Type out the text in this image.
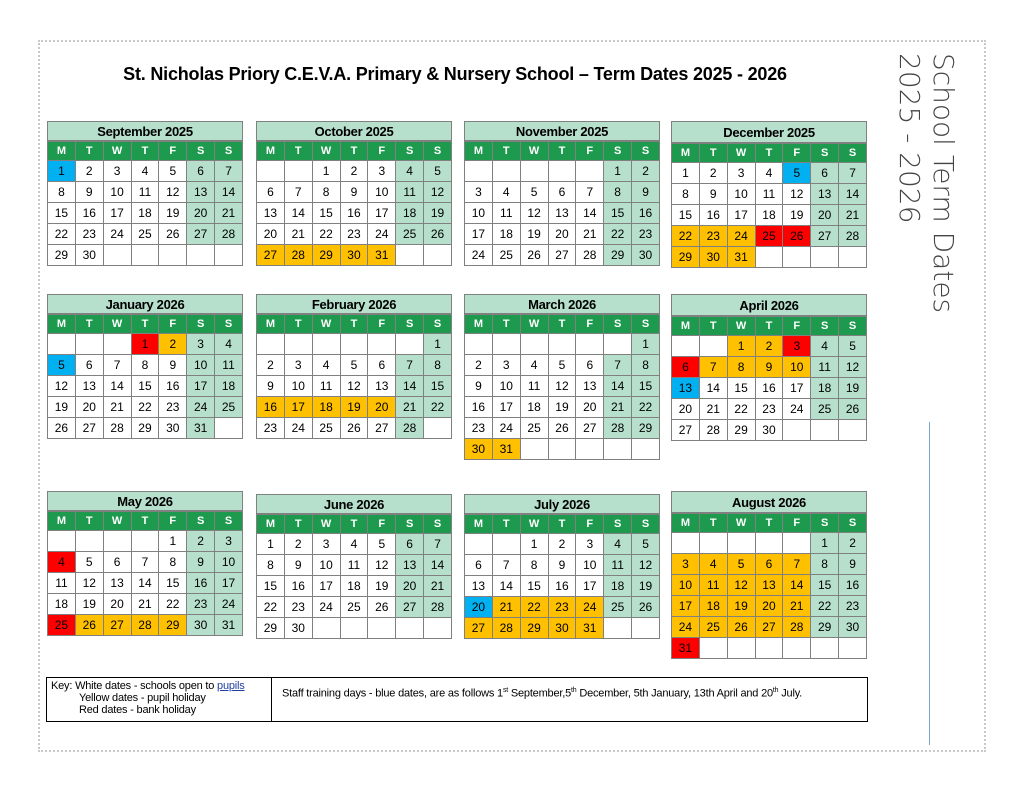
St. Nicholas Priory C.E.V.A. Primary & Nursery School – Term Dates 2025 - 2026	School Term Dates
2025 - 2026
September 2025
M	T	W	T	F	S	S
1	2	3	4	5	6	7
8	9	10	11	12	13	14
15	16	17	18	19	20	21
22	23	24	25	26	27	28
29	30					
October 2025
M	T	W	T	F	S	S
		1	2	3	4	5
6	7	8	9	10	11	12
13	14	15	16	17	18	19
20	21	22	23	24	25	26
27	28	29	30	31		
November 2025
M	T	W	T	F	S	S
					1	2
3	4	5	6	7	8	9
10	11	12	13	14	15	16
17	18	19	20	21	22	23
24	25	26	27	28	29	30
December 2025
M	T	W	T	F	S	S
1	2	3	4	5	6	7
8	9	10	11	12	13	14
15	16	17	18	19	20	21
22	23	24	25	26	27	28
29	30	31				
January 2026
M	T	W	T	F	S	S
			1	2	3	4
5	6	7	8	9	10	11
12	13	14	15	16	17	18
19	20	21	22	23	24	25
26	27	28	29	30	31	
February 2026
M	T	W	T	F	S	S
						1
2	3	4	5	6	7	8
9	10	11	12	13	14	15
16	17	18	19	20	21	22
23	24	25	26	27	28	
March 2026
M	T	W	T	F	S	S
						1
2	3	4	5	6	7	8
9	10	11	12	13	14	15
16	17	18	19	20	21	22
23	24	25	26	27	28	29
30	31					
April 2026
M	T	W	T	F	S	S
		1	2	3	4	5
6	7	8	9	10	11	12
13	14	15	16	17	18	19
20	21	22	23	24	25	26
27	28	29	30			
May 2026
M	T	W	T	F	S	S
				1	2	3
4	5	6	7	8	9	10
11	12	13	14	15	16	17
18	19	20	21	22	23	24
25	26	27	28	29	30	31
June 2026
M	T	W	T	F	S	S
1	2	3	4	5	6	7
8	9	10	11	12	13	14
15	16	17	18	19	20	21
22	23	24	25	26	27	28
29	30					
July 2026
M	T	W	T	F	S	S
		1	2	3	4	5
6	7	8	9	10	11	12
13	14	15	16	17	18	19
20	21	22	23	24	25	26
27	28	29	30	31		
August 2026
M	T	W	T	F	S	S
					1	2
3	4	5	6	7	8	9
10	11	12	13	14	15	16
17	18	19	20	21	22	23
24	25	26	27	28	29	30
31						
Key: White dates - schools open to pupils
Yellow dates - pupil holiday
Red dates - bank holiday
Staff training days - blue dates, are as follows 1st September,5th December, 5th January, 13th April and 20th July.
